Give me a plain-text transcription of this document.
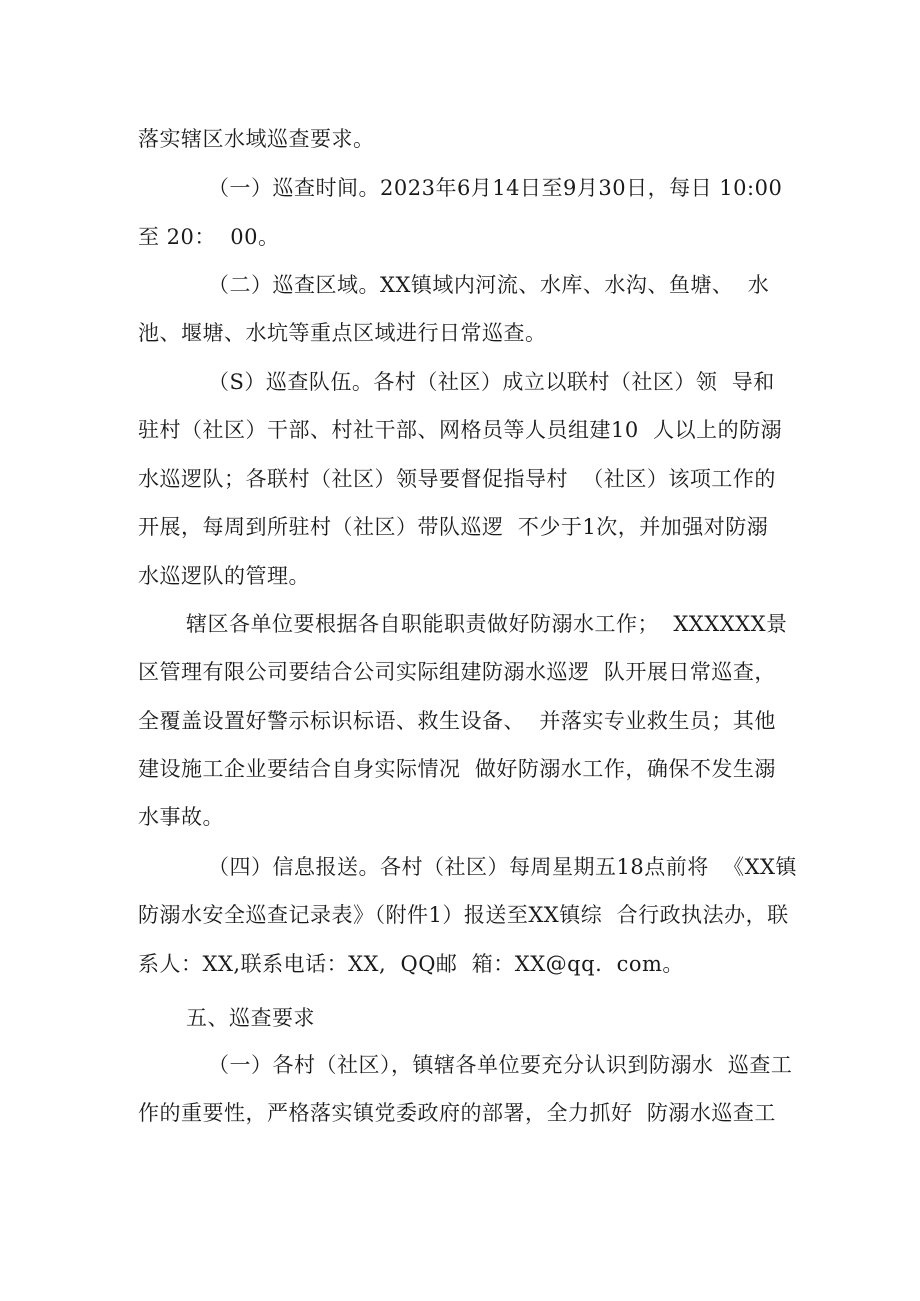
落实辖区水域巡查要求。
（一）巡查时间。2023年6月14日至9月30日，每日 10:00
至 20：  00。
（二）巡查区域。XX镇域内河流、水库、水沟、鱼塘、  水
池、堰塘、水坑等重点区域进行日常巡查。
（S）巡查队伍。各村（社区）成立以联村（社区）领  导和
驻村（社区）干部、村社干部、网格员等人员组建10  人以上的防溺
水巡逻队；各联村（社区）领导要督促指导村  （社区）该项工作的
开展，每周到所驻村（社区）带队巡逻  不少于1次，并加强对防溺
水巡逻队的管理。
辖区各单位要根据各自职能职责做好防溺水工作；  XXXXXX景
区管理有限公司要结合公司实际组建防溺水巡逻  队开展日常巡查，
全覆盖设置好警示标识标语、救生设备、  并落实专业救生员；其他
建设施工企业要结合自身实际情况  做好防溺水工作，确保不发生溺
水事故。
（四）信息报送。各村（社区）每周星期五18点前将  《XX镇
防溺水安全巡查记录表》（附件1）报送至XX镇综  合行政执法办，联
系人：XX,联系电话：XX,  QQ邮  箱：XX@qq.  com。
五、巡查要求
（一）各村（社区），镇辖各单位要充分认识到防溺水  巡查工
作的重要性，严格落实镇党委政府的部署，全力抓好  防溺水巡查工
